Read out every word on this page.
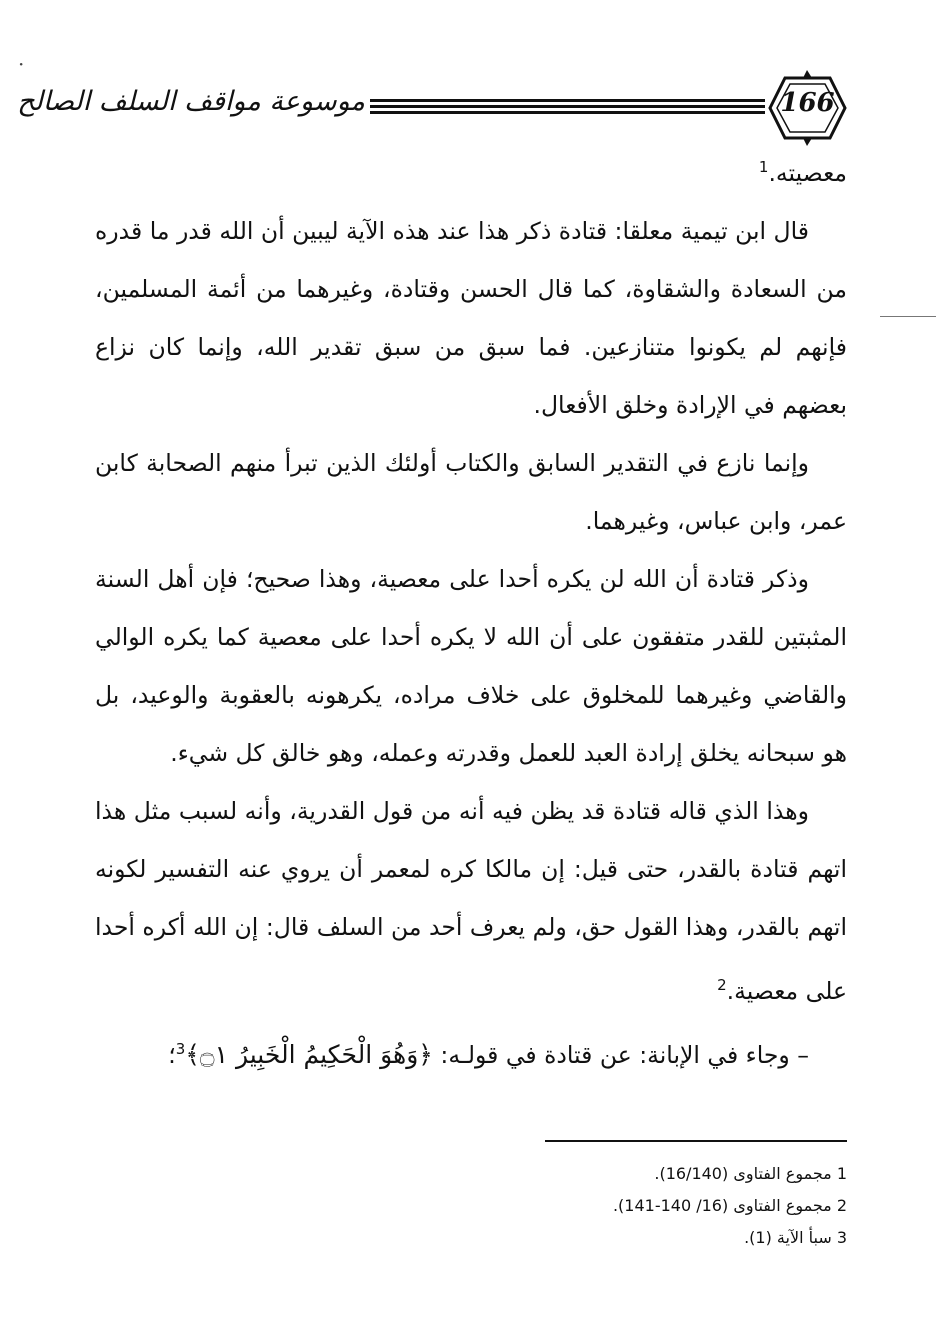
·
موسوعة مواقف السلف الصالح	166

معصيته.$^1$

قال ابن تيمية معلقا: قتادة ذكر هذا عند هذه الآية ليبين أن الله قدر ما قدره من السعادة والشقاوة، كما قال الحسن وقتادة، وغيرهما من أئمة المسلمين، فإنهم لم يكونوا متنازعين. فما سبق من سبق تقدير الله، وإنما كان نزاع بعضهم في الإرادة وخلق الأفعال.

وإنما نازع في التقدير السابق والكتاب أولئك الذين تبرأ منهم الصحابة كابن عمر، وابن عباس، وغيرهما.

وذكر قتادة أن الله لن يكره أحدا على معصية، وهذا صحيح؛ فإن أهل السنة المثبتين للقدر متفقون على أن الله لا يكره أحدا على معصية كما يكره الوالي والقاضي وغيرهما للمخلوق على خلاف مراده، يكرهونه بالعقوبة والوعيد، بل هو سبحانه يخلق إرادة العبد للعمل وقدرته وعمله، وهو خالق كل شيء.

وهذا الذي قاله قتادة قد يظن فيه أنه من قول القدرية، وأنه لسبب مثل هذا اتهم قتادة بالقدر، حتى قيل: إن مالكا كره لمعمر أن يروي عنه التفسير لكونه اتهم بالقدر، وهذا القول حق، ولم يعرف أحد من السلف قال: إن الله أكره أحدا على معصية.$^2$

– وجاء في الإبانة: عن قتادة في قولـه: ﴿وَهُوَ الْحَكِيمُ الْخَبِيرُ ۝١﴾$^3$؛

1 مجموع الفتاوى (16/140).

2 مجموع الفتاوى (16/ 140-141).

3 سبأ الآية (1).
